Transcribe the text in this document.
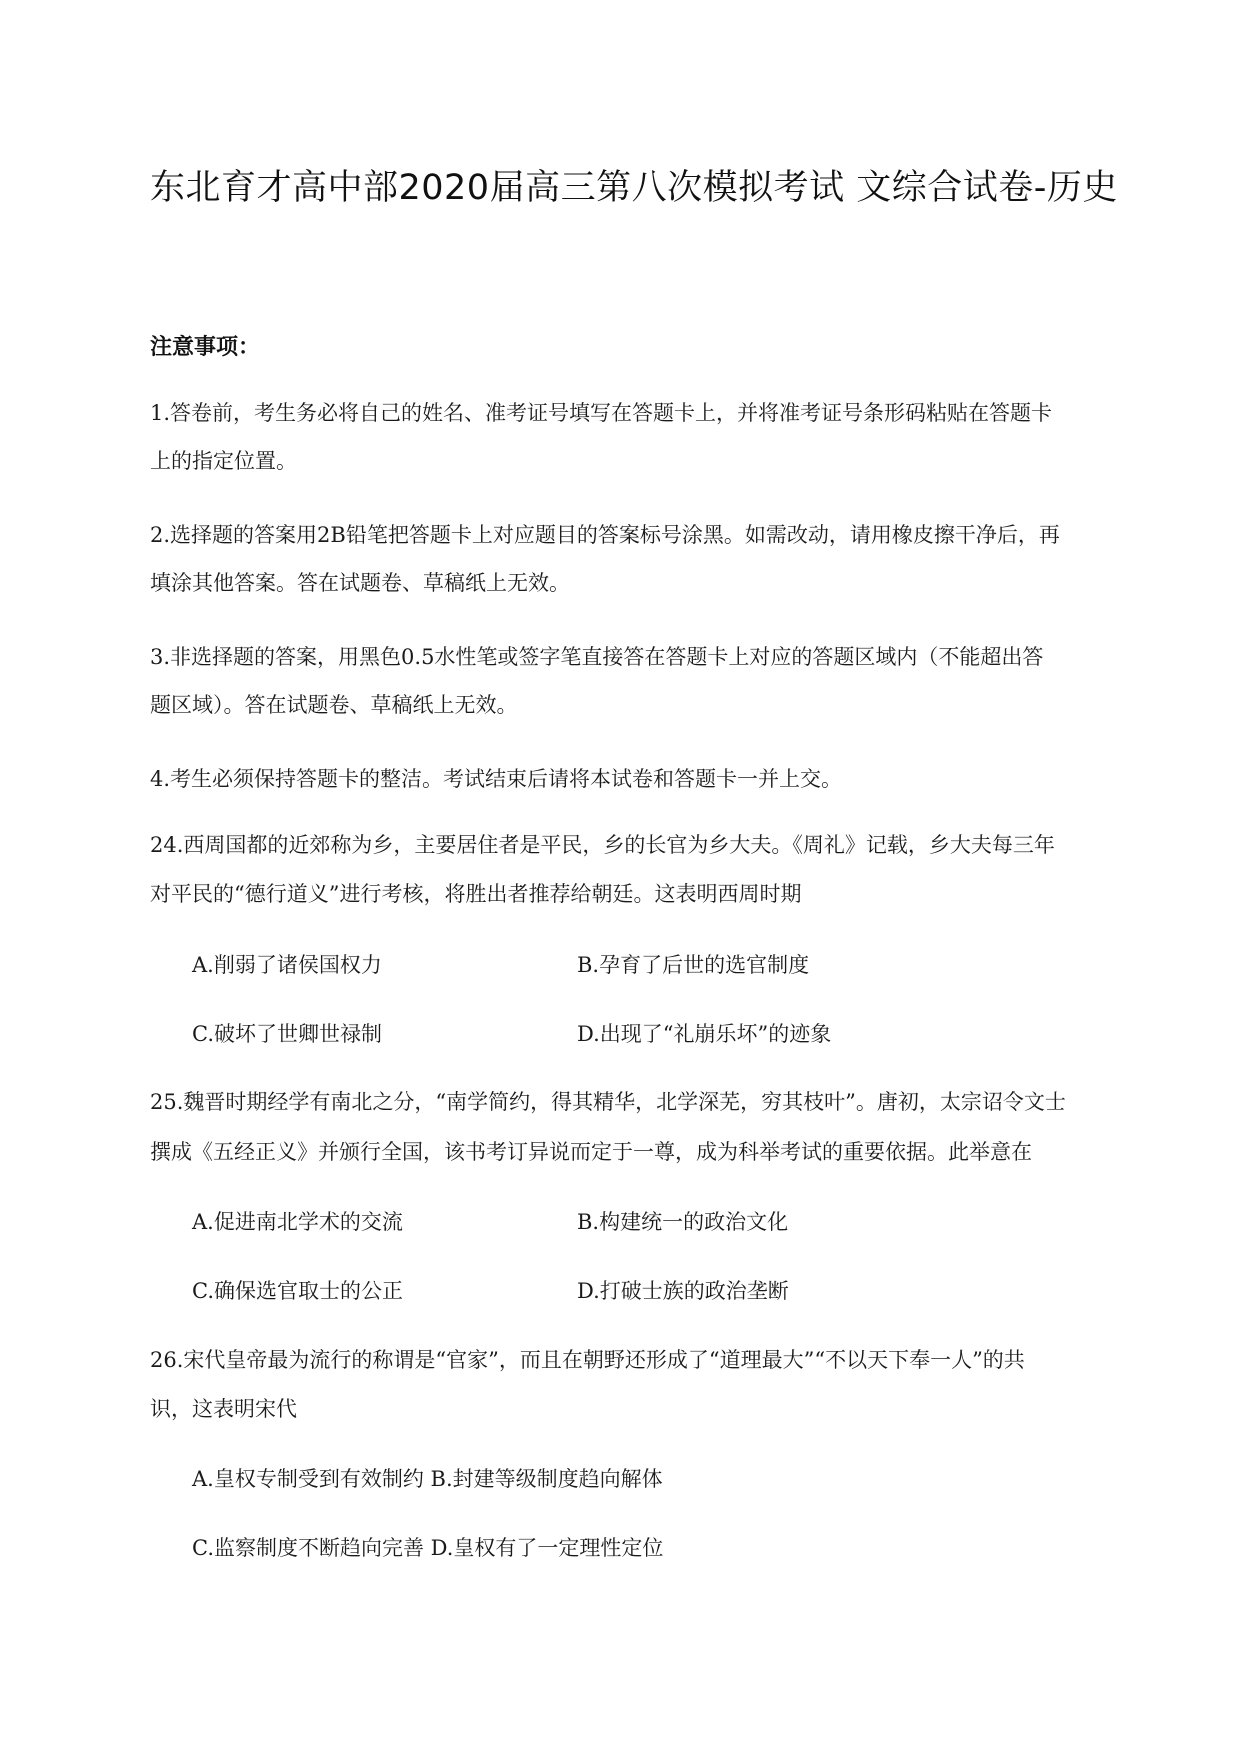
东北育才高中部2020届高三第八次模拟考试 文综合试卷-历史
注意事项：
1.答卷前，考生务必将自己的姓名、准考证号填写在答题卡上，并将准考证号条形码粘贴在答题卡
上的指定位置。
2.选择题的答案用2B铅笔把答题卡上对应题目的答案标号涂黑。如需改动，请用橡皮擦干净后，再
填涂其他答案。答在试题卷、草稿纸上无效。
3.非选择题的答案，用黑色0.5水性笔或签字笔直接答在答题卡上对应的答题区域内（不能超出答
题区域）。答在试题卷、草稿纸上无效。
4.考生必须保持答题卡的整洁。考试结束后请将本试卷和答题卡一并上交。
24.西周国都的近郊称为乡，主要居住者是平民，乡的长官为乡大夫。《周礼》记载，乡大夫每三年
对平民的“德行道义”进行考核，将胜出者推荐给朝廷。这表明西周时期
A.削弱了诸侯国权力	B.孕育了后世的选官制度
C.破坏了世卿世禄制	D.出现了“礼崩乐坏”的迹象
25.魏晋时期经学有南北之分，“南学简约，得其精华，北学深芜，穷其枝叶”。唐初，太宗诏令文士
撰成《五经正义》并颁行全国，该书考订异说而定于一尊，成为科举考试的重要依据。此举意在
A.促进南北学术的交流	B.构建统一的政治文化
C.确保选官取士的公正	D.打破士族的政治垄断
26.宋代皇帝最为流行的称谓是“官家”，而且在朝野还形成了“道理最大”“不以天下奉一人”的共
识，这表明宋代
A.皇权专制受到有效制约 B.封建等级制度趋向解体
C.监察制度不断趋向完善 D.皇权有了一定理性定位
